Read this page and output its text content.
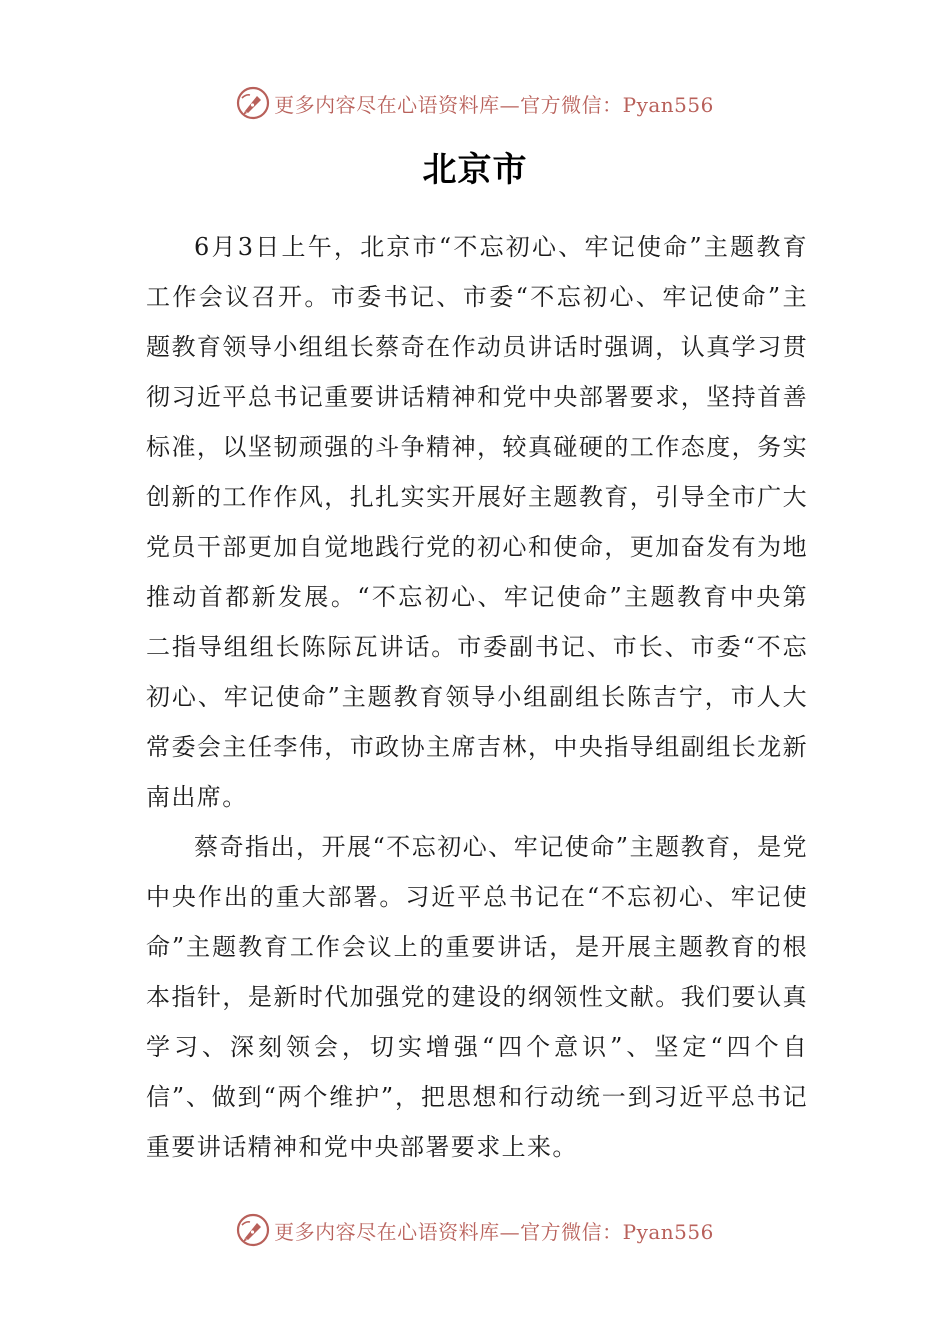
更多内容尽在心语资料库—官方微信：Pyan556
北京市

6月3日上午，北京市“不忘初心、牢记使命”主题教育工作会议召开。市委书记、市委“不忘初心、牢记使命”主题教育领导小组组长蔡奇在作动员讲话时强调，认真学习贯彻习近平总书记重要讲话精神和党中央部署要求，坚持首善标准，以坚韧顽强的斗争精神，较真碰硬的工作态度，务实创新的工作作风，扎扎实实开展好主题教育，引导全市广大党员干部更加自觉地践行党的初心和使命，更加奋发有为地推动首都新发展。“不忘初心、牢记使命”主题教育中央第二指导组组长陈际瓦讲话。市委副书记、市长、市委“不忘初心、牢记使命”主题教育领导小组副组长陈吉宁，市人大常委会主任李伟，市政协主席吉林，中央指导组副组长龙新南出席。

蔡奇指出，开展“不忘初心、牢记使命”主题教育，是党中央作出的重大部署。习近平总书记在“不忘初心、牢记使命”主题教育工作会议上的重要讲话，是开展主题教育的根本指针，是新时代加强党的建设的纲领性文献。我们要认真学习、深刻领会，切实增强“四个意识”、坚定“四个自信”、做到“两个维护”，把思想和行动统一到习近平总书记重要讲话精神和党中央部署要求上来。

更多内容尽在心语资料库—官方微信：Pyan556
